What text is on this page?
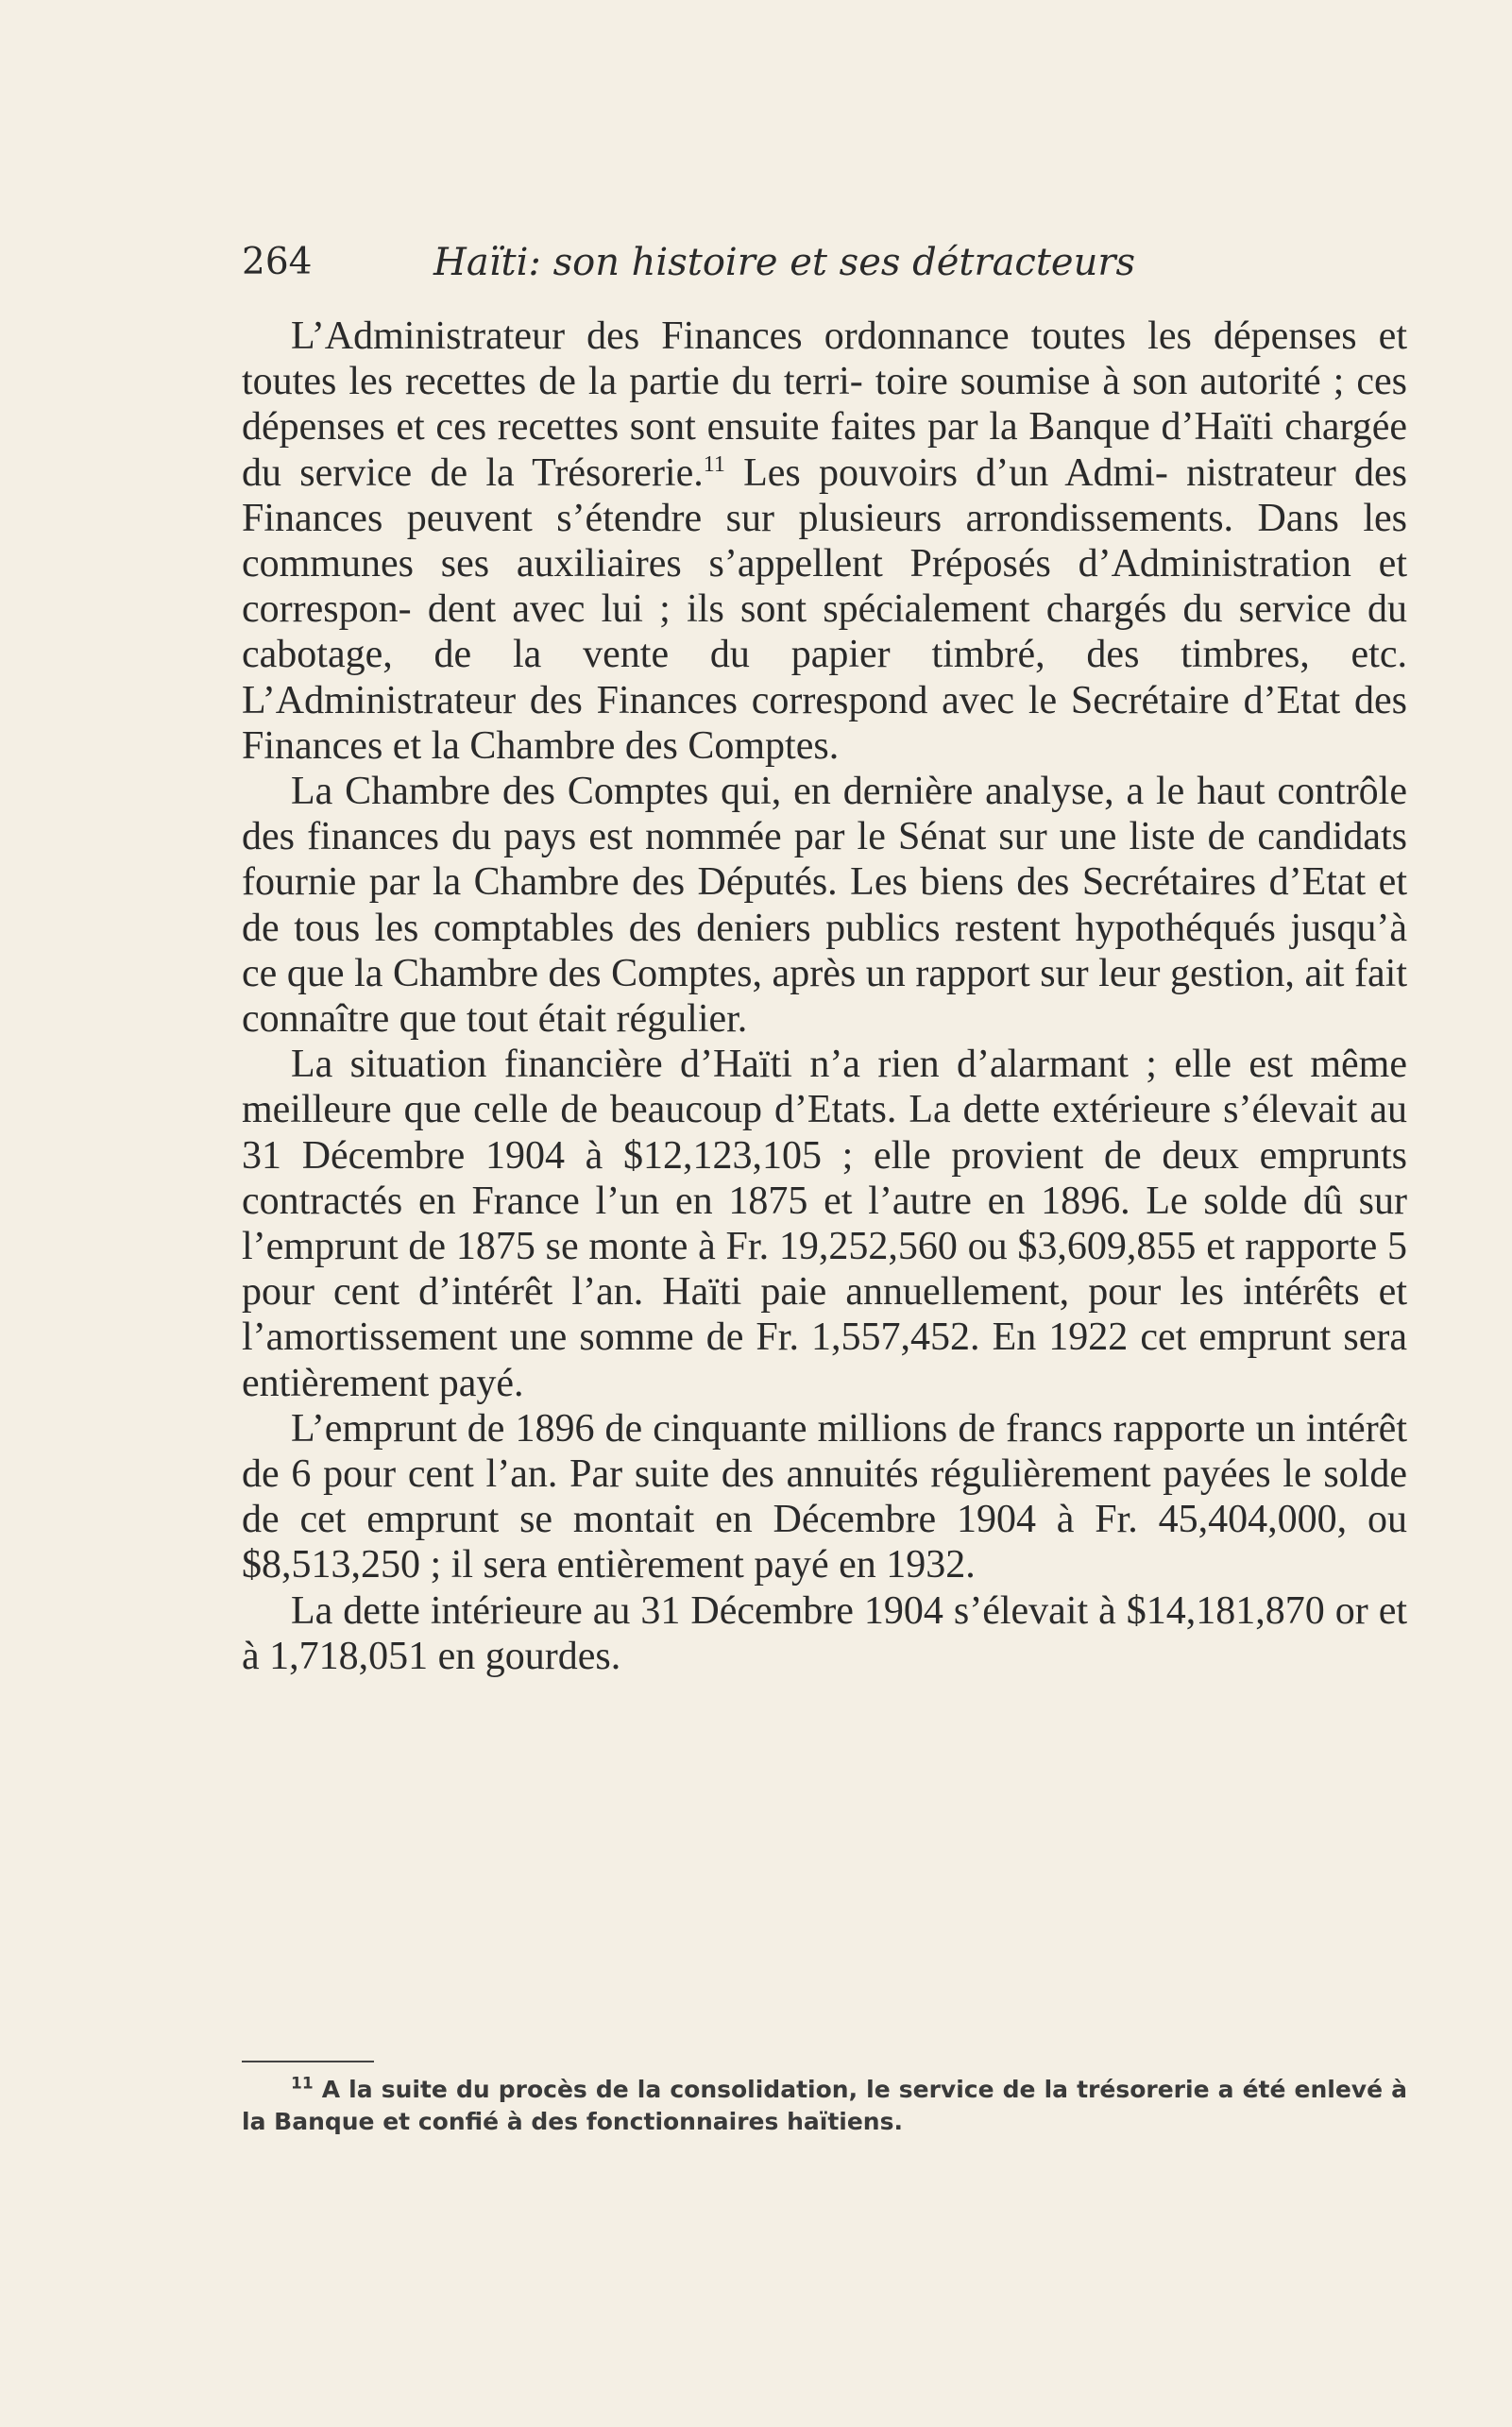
264	Haïti: son histoire et ses détracteurs

L’Administrateur des Finances ordonnance toutes les dépenses et toutes les recettes de la partie du terri- toire soumise à son autorité ; ces dépenses et ces recettes sont ensuite faites par la Banque d’Haïti chargée du service de la Trésorerie.$^{11}$ Les pouvoirs d’un Admi- nistrateur des Finances peuvent s’étendre sur plusieurs arrondissements. Dans les communes ses auxiliaires s’appellent Préposés d’Administration et correspon- dent avec lui ; ils sont spécialement chargés du service du cabotage, de la vente du papier timbré, des timbres, etc. L’Administrateur des Finances correspond avec le Secrétaire d’Etat des Finances et la Chambre des Comptes.

La Chambre des Comptes qui, en dernière analyse, a le haut contrôle des finances du pays est nommée par le Sénat sur une liste de candidats fournie par la Chambre des Députés. Les biens des Secrétaires d’Etat et de tous les comptables des deniers publics restent hypothéqués jusqu’à ce que la Chambre des Comptes, après un rapport sur leur gestion, ait fait connaître que tout était régulier.

La situation financière d’Haïti n’a rien d’alarmant ; elle est même meilleure que celle de beaucoup d’Etats. La dette extérieure s’élevait au 31 Décembre 1904 à $12,123,105 ; elle provient de deux emprunts contractés en France l’un en 1875 et l’autre en 1896. Le solde dû sur l’emprunt de 1875 se monte à Fr. 19,252,560 ou $3,609,855 et rapporte 5 pour cent d’intérêt l’an. Haïti paie annuellement, pour les intérêts et l’amortissement une somme de Fr. 1,557,452. En 1922 cet emprunt sera entièrement payé.

L’emprunt de 1896 de cinquante millions de francs rapporte un intérêt de 6 pour cent l’an. Par suite des annuités régulièrement payées le solde de cet emprunt se montait en Décembre 1904 à Fr. 45,404,000, ou $8,513,250 ; il sera entièrement payé en 1932.

La dette intérieure au 31 Décembre 1904 s’élevait à $14,181,870 or et à 1,718,051 en gourdes.

$^{11}$ A la suite du procès de la consolidation, le service de la trésorerie a été enlevé à la Banque et confié à des fonctionnaires haïtiens.
